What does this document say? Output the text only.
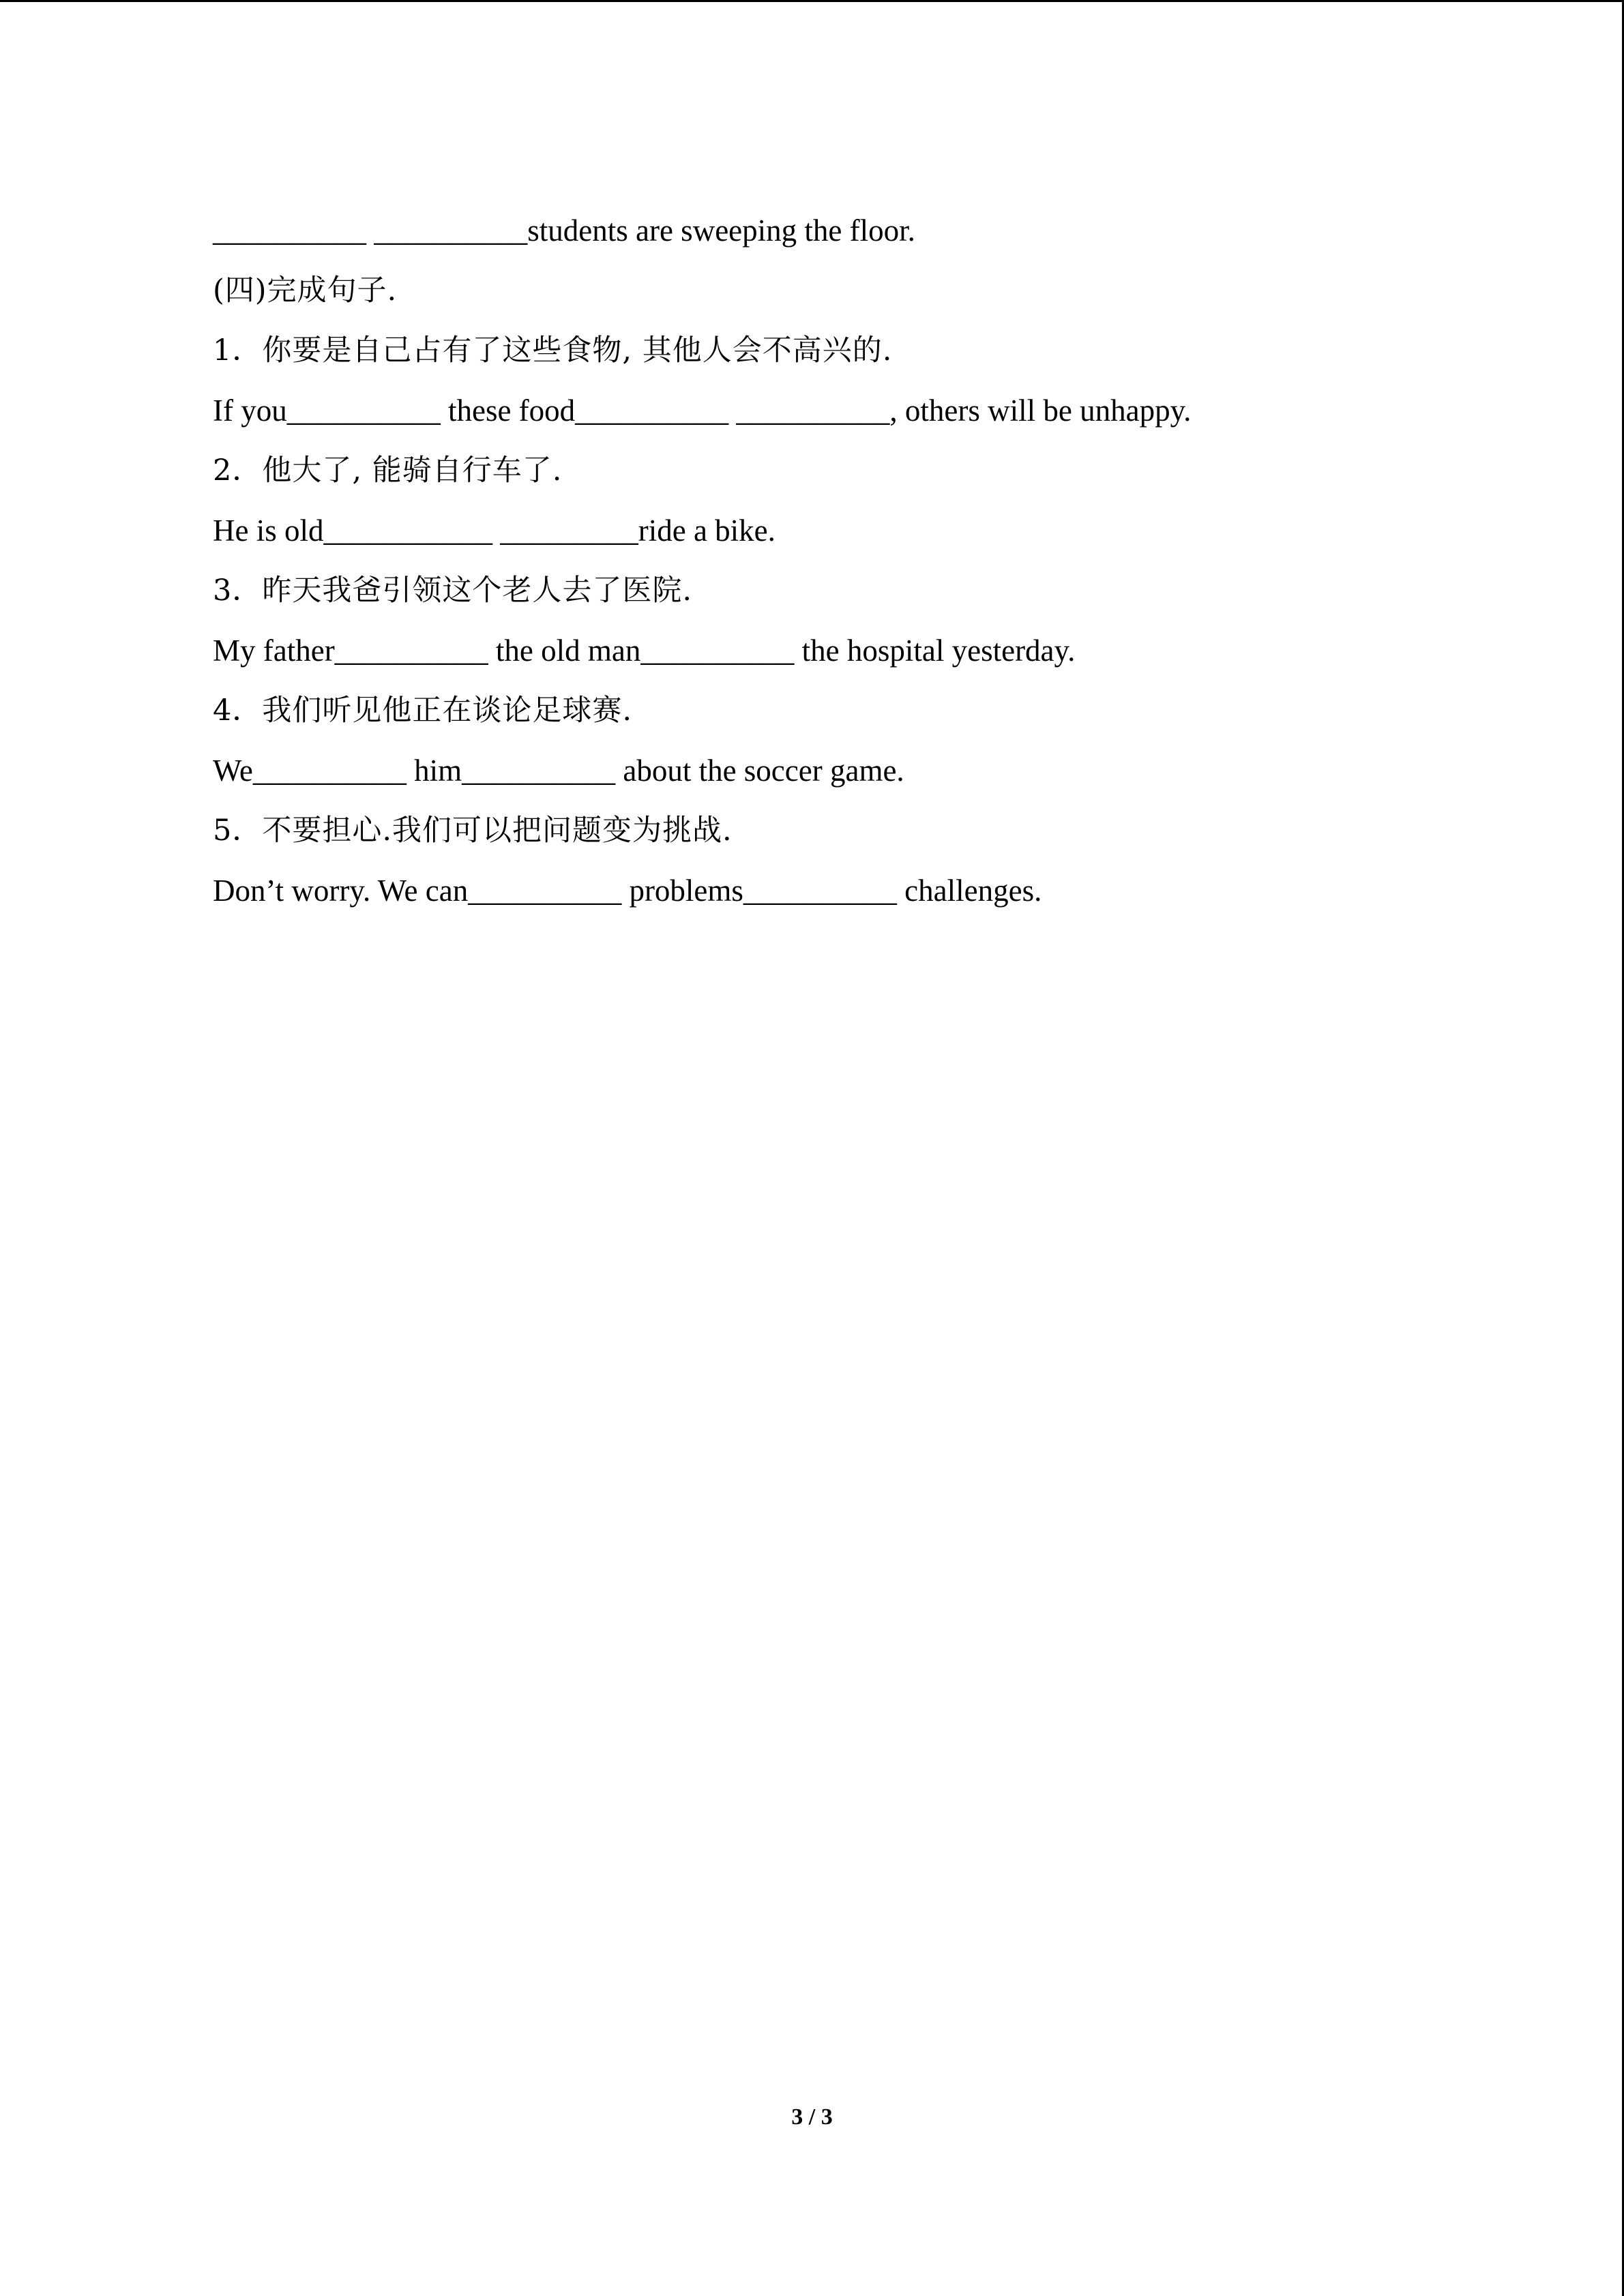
__________ __________students are sweeping the floor.
(四)完成句子.
1．你要是自己占有了这些食物, 其他人会不高兴的.
If you__________ these food__________ __________, others will be unhappy.
2．他大了, 能骑自行车了.
He is old___________ _________ride a bike.
3．昨天我爸引领这个老人去了医院.
My father__________ the old man__________ the hospital yesterday.
4．我们听见他正在谈论足球赛.
We__________ him__________ about the soccer game.
5．不要担心.我们可以把问题变为挑战.
Don’t worry. We can__________ problems__________ challenges.
3 / 3
